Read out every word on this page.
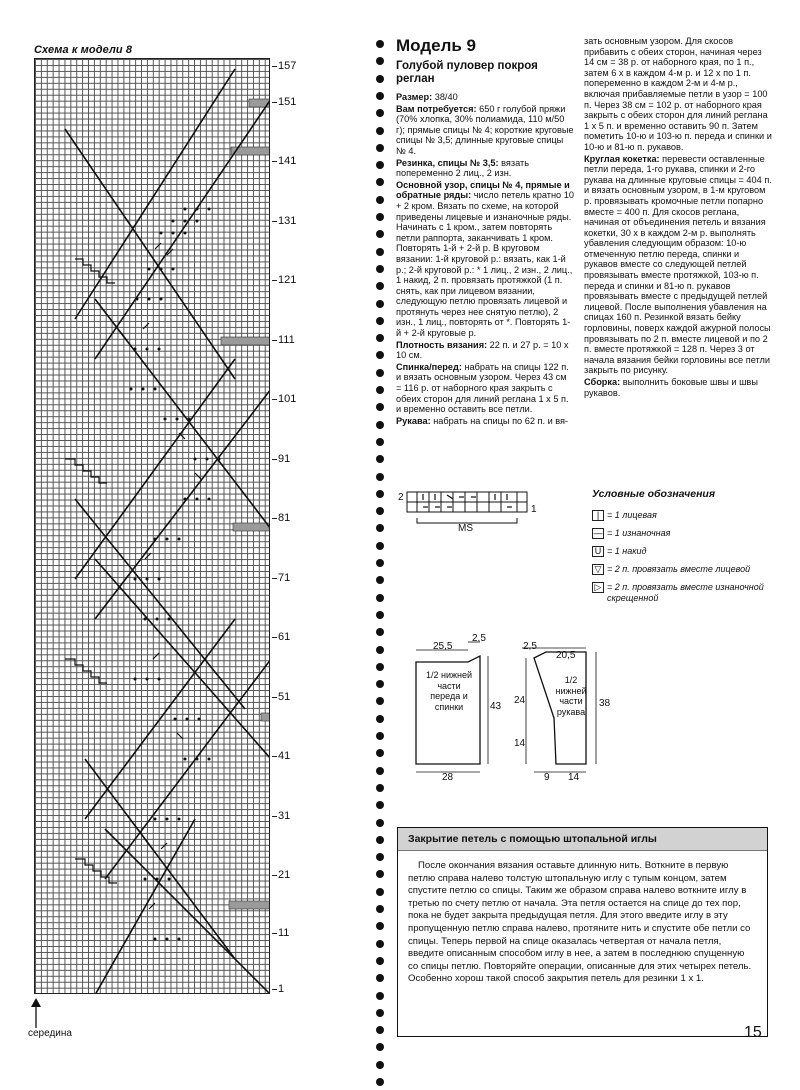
Схема к модели 8
157
151
141
131
121
111
101
91
81
71
61
51
41
31
21
11
1
середина
Модель 9
Голубой пуловер покроя реглан
Размер: 38/40
Вам потребуется: 650 г голубой пряжи (70% хлопка, 30% полиамида, 110 м/50 г); прямые спицы № 4; короткие круговые спицы № 3,5; длинные круговые спицы № 4.
Резинка, спицы № 3,5: вязать попеременно 2 лиц., 2 изн.
Основной узор, спицы № 4, прямые и обратные ряды: число петель кратно 10 + 2 кром. Вязать по схеме, на которой приведены лицевые и изнаночные ряды. Начинать с 1 кром., затем повторять петли раппорта, заканчивать 1 кром. Повторять 1-й + 2-й р. В круговом вязании: 1-й круговой р.: вязать, как 1-й р.; 2-й круговой р.: * 1 лиц., 2 изн., 2 лиц., 1 накид, 2 п. провязать протяжкой (1 п. снять, как при лицевом вязании, следующую петлю провязать лицевой и протянуть через нее снятую петлю), 2 изн., 1 лиц., повторять от *. Повторять 1-й + 2-й круговые р.
Плотность вязания: 22 п. и 27 р. = 10 x 10 см.
Спинка/перед: набрать на спицы 122 п. и вязать основным узором. Через 43 см = 116 р. от наборного края закрыть с обеих сторон для линий реглана 1 x 5 п. и временно оставить все петли.
Рукава: набрать на спицы по 62 п. и вя-
зать основным узором. Для скосов прибавить с обеих сторон, начиная через 14 см = 38 р. от наборного края, по 1 п., затем 6 x в каждом 4-м р. и 12 x по 1 п. попеременно в каждом 2-м и 4-м р., включая прибавляемые петли в узор = 100 п. Через 38 см = 102 р. от наборного края закрыть с обеих сторон для линий реглана 1 x 5 п. и временно оставить 90 п. Затем пометить 10-ю и 103-ю п. переда и спинки и 10-ю и 81-ю п. рукавов.
Круглая кокетка: перевести оставленные петли переда, 1-го рукава, спинки и 2-го рукава на длинные круговые спицы = 404 п. и вязать основным узором, в 1-м круговом р. провязывать кромочные петли попарно вместе = 400 п. Для скосов реглана, начиная от объединения петель и вязания кокетки, 30 x в каждом 2-м р. выполнять убавления следующим образом: 10-ю отмеченную петлю переда, спинки и рукавов вместе со следующей петлей провязывать вместе протяжкой, 103-ю п. переда и спинки и 81-ю п. рукавов провязывать вместе с предыдущей петлей лицевой. После выполнения убавления на спицах 160 п. Резинкой вязать бейку горловины, поверх каждой ажурной полосы провязывать по 2 п. вместе лицевой и по 2 п. вместе протяжкой = 128 п. Через 3 от начала вязания бейки горловины все петли закрыть по рисунку.
Сборка: выполнить боковые швы и швы рукавов.
2
1
MS
Условные обозначения
| = 1 лицевая
— = 1 изнаночная
U = 1 накид
▽ = 2 п. провязать вместе лицевой
▷ = 2 п. провязать вместе изнаночной скрещенной
25,5
2,5
43
28
1/2 нижней части переда и спинки
2,5
20,5
24
14
38
9 14
1/2 нижней части рукава
Закрытие петель с помощью штопальной иглы
После окончания вязания оставьте длинную нить. Воткните в первую петлю справа налево толстую штопальную иглу с тупым концом, затем спустите петлю со спицы. Таким же образом справа налево воткните иглу в третью по счету петлю от начала. Эта петля остается на спице до тех пор, пока не будет закрыта предыдущая петля. Для этого введите иглу в эту пропущенную петлю справа налево, протяните нить и спустите обе петли со спицы. Теперь первой на спице оказалась четвертая от начала петля, введите описанным способом иглу в нее, а затем в последнюю спущенную со спицы петлю. Повторяйте операции, описанные для этих четырех петель. Особенно хорош такой способ закрытия петель для резинки 1 x 1.
15
